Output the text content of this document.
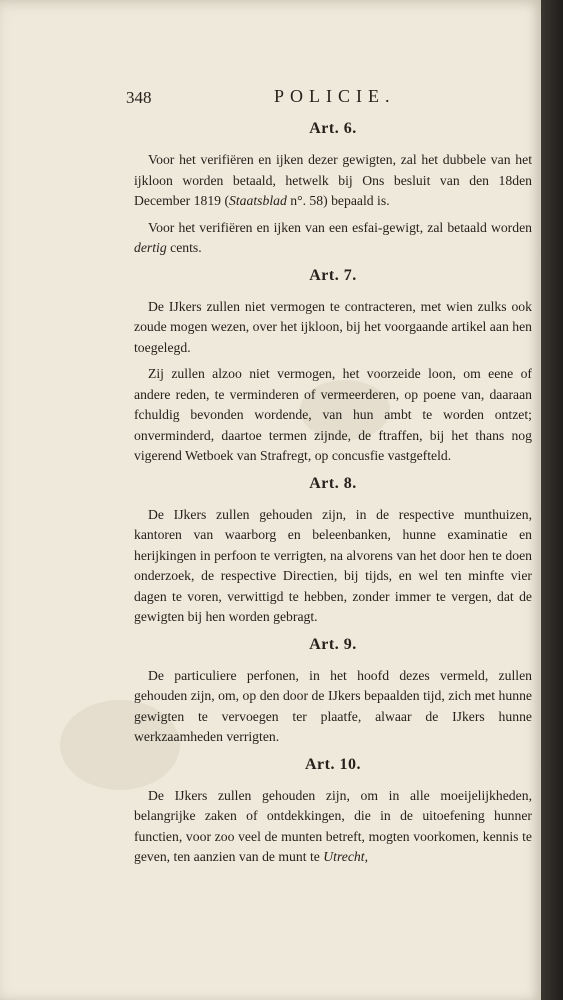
348	POLICIE.
Art. 6.

Voor het verifiëren en ijken dezer gewigten, zal het dubbele van het ijkloon worden betaald, hetwelk bij Ons besluit van den 18den December 1819 (Staatsblad n°. 58) bepaald is.

Voor het verifiëren en ijken van een esfai-gewigt, zal betaald worden dertig cents.

Art. 7.

De IJkers zullen niet vermogen te contracteren, met wien zulks ook zoude mogen wezen, over het ijkloon, bij het voorgaande artikel aan hen toegelegd.

Zij zullen alzoo niet vermogen, het voorzeide loon, om eene of andere reden, te verminderen of vermeerderen, op poene van, daaraan fchuldig bevonden wordende, van hun ambt te worden ontzet; onverminderd, daartoe termen zijnde, de ftraffen, bij het thans nog vigerend Wetboek van Strafregt, op concusfie vastgefteld.

Art. 8.

De IJkers zullen gehouden zijn, in de respective munthuizen, kantoren van waarborg en beleenbanken, hunne examinatie en herijkingen in perfoon te verrigten, na alvorens van het door hen te doen onderzoek, de respective Directien, bij tijds, en wel ten minfte vier dagen te voren, verwittigd te hebben, zonder immer te vergen, dat de gewigten bij hen worden gebragt.

Art. 9.

De particuliere perfonen, in het hoofd dezes vermeld, zullen gehouden zijn, om, op den door de IJkers bepaalden tijd, zich met hunne gewigten te vervoegen ter plaatfe, alwaar de IJkers hunne werkzaamheden verrigten.

Art. 10.

De IJkers zullen gehouden zijn, om in alle moeijelijkheden, belangrijke zaken of ontdekkingen, die in de uitoefening hunner functien, voor zoo veel de munten betreft, mogten voorkomen, kennis te geven, ten aanzien van de munt te Utrecht,
